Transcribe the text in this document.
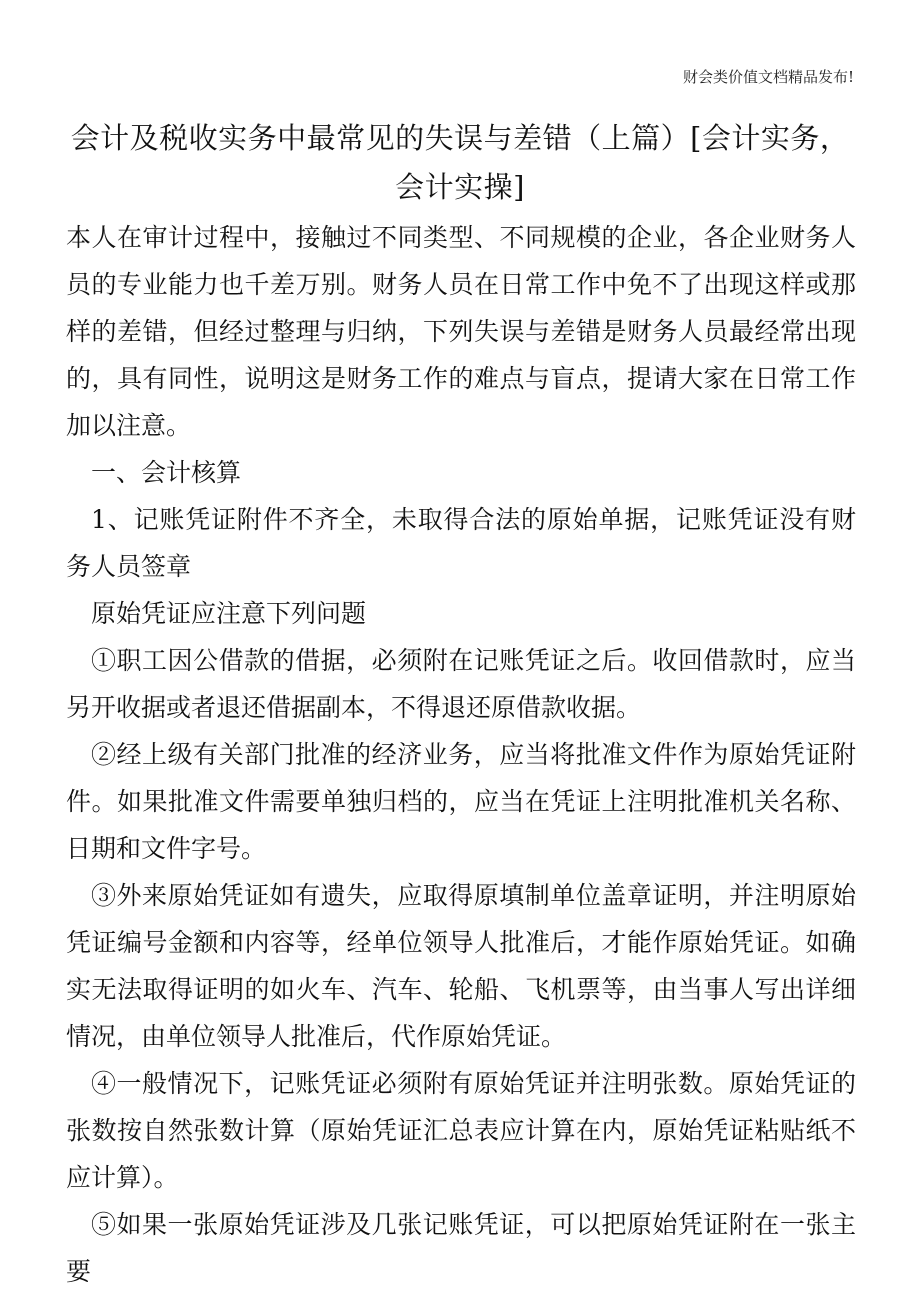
财会类价值文档精品发布!
会计及税收实务中最常见的失误与差错（上篇）[会计实务，会计实操]

本人在审计过程中，接触过不同类型、不同规模的企业，各企业财务人员的专业能力也千差万别。财务人员在日常工作中免不了出现这样或那样的差错，但经过整理与归纳，下列失误与差错是财务人员最经常出现的，具有同性，说明这是财务工作的难点与盲点，提请大家在日常工作加以注意。

一、会计核算

1、记账凭证附件不齐全，未取得合法的原始单据，记账凭证没有财务人员签章

原始凭证应注意下列问题

①职工因公借款的借据，必须附在记账凭证之后。收回借款时，应当另开收据或者退还借据副本，不得退还原借款收据。

②经上级有关部门批准的经济业务，应当将批准文件作为原始凭证附件。如果批准文件需要单独归档的，应当在凭证上注明批准机关名称、日期和文件字号。

③外来原始凭证如有遗失，应取得原填制单位盖章证明，并注明原始凭证编号金额和内容等，经单位领导人批准后，才能作原始凭证。如确实无法取得证明的如火车、汽车、轮船、飞机票等，由当事人写出详细情况，由单位领导人批准后，代作原始凭证。

④一般情况下，记账凭证必须附有原始凭证并注明张数。原始凭证的张数按自然张数计算（原始凭证汇总表应计算在内，原始凭证粘贴纸不应计算）。

⑤如果一张原始凭证涉及几张记账凭证，可以把原始凭证附在一张主要
